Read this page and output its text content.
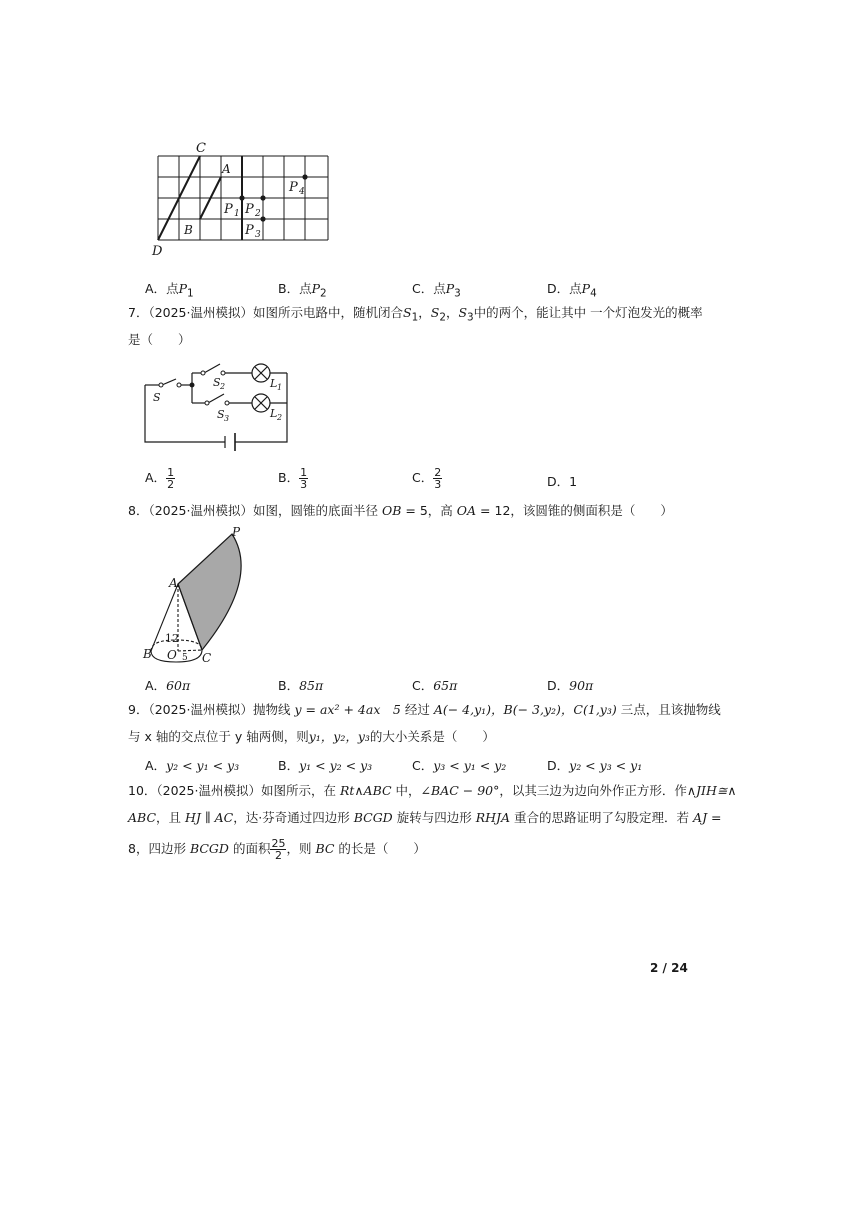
C
A
B
D
P 1 P 2
P 3
P 4
A．点$P_1$	B．点$P_2$	C．点$P_3$	D．点$P_4$
7．（2025·温州模拟）如图所示电路中，随机闭合$S_1$，$S_2$，$S_3$中的两个，能让其中 一个灯泡发光的概率
是（　　）
S
S 2
S 3
L 1
L 2
A． $\frac{1}{2}$	B． $\frac{1}{3}$	C． $\frac{2}{3}$	D．1
8．（2025·温州模拟）如图，圆锥的底面半径 OB = 5，高 OA = 12，该圆锥的侧面积是（　　）
P
A
B O C
12
5
A．60π	B．85π	C．65π	D．90π
9．（2025·温州模拟）抛物线 y = ax² + 4ax　5 经过 A(− 4,y₁)，B(− 3,y₂)，C(1,y₃) 三点，且该抛物线
与 x 轴的交点位于 y 轴两侧，则y₁，y₂，y₃的大小关系是（　　）
A．y₂ < y₁ < y₃	B．y₁ < y₂ < y₃	C．y₃ < y₁ < y₂	D．y₂ < y₃ < y₁
10．（2025·温州模拟）如图所示，在 Rt∧ABC 中，∠BAC − 90°，以其三边为边向外作正方形．作∧JIH≅∧
ABC，且 HJ ∥ AC，达·芬奇通过四边形 BCGD 旋转与四边形 RHJA 重合的思路证明了勾股定理．若 AJ =
8，四边形 BCGD 的面积 $\frac{25}{2}$ ，则 BC 的长是（　　）
2 / 24
